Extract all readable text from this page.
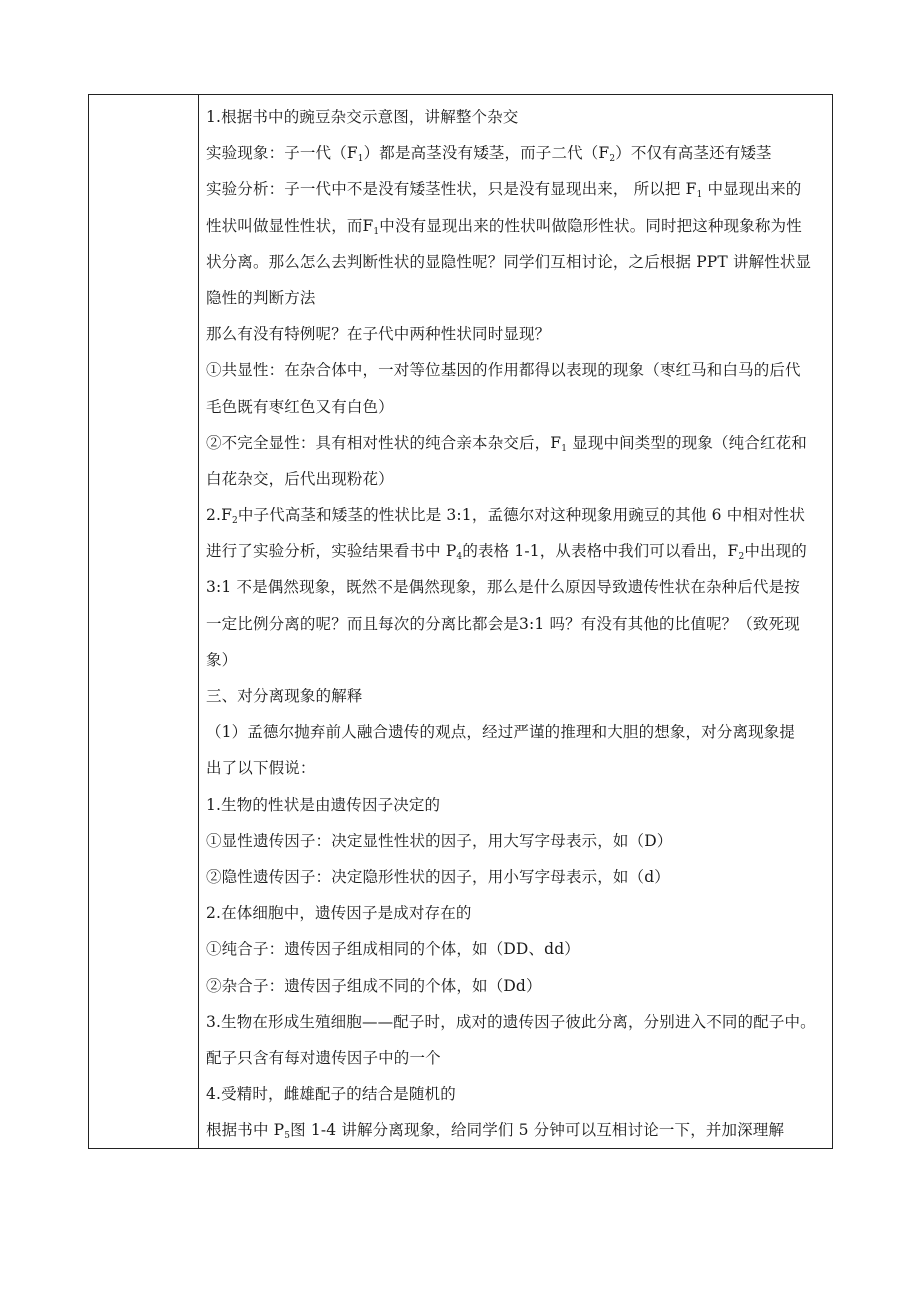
1.根据书中的豌豆杂交示意图，讲解整个杂交
实验现象：子一代$(F_1)$都是高茎没有矮茎，而子二代$(F_2)$不仅有高茎还有矮茎
实验分析：子一代中不是没有矮茎性状，只是没有显现出来， 所以把 $F_1$ 中显现出来的
性状叫做显性性状，而$F_1$中没有显现出来的性状叫做隐形性状。同时把这种现象称为性
状分离。那么怎么去判断性状的显隐性呢？同学们互相讨论，之后根据 PPT 讲解性状显
隐性的判断方法
那么有没有特例呢？在子代中两种性状同时显现？
①共显性：在杂合体中，一对等位基因的作用都得以表现的现象（枣红马和白马的后代
毛色既有枣红色又有白色）
②不完全显性：具有相对性状的纯合亲本杂交后，$F_1$ 显现中间类型的现象（纯合红花和
白花杂交，后代出现粉花）
$2.F_2$中子代高茎和矮茎的性状比是 3:1，孟德尔对这种现象用豌豆的其他 6 中相对性状
进行了实验分析，实验结果看书中 $P_4$的表格 1-1，从表格中我们可以看出，$F_2$中出现的
3:1 不是偶然现象，既然不是偶然现象，那么是什么原因导致遗传性状在杂种后代是按
一定比例分离的呢？而且每次的分离比都会是3:1 吗？有没有其他的比值呢？（致死现
象）
三、对分离现象的解释
（1）孟德尔抛弃前人融合遗传的观点，经过严谨的推理和大胆的想象，对分离现象提
出了以下假说：
1.生物的性状是由遗传因子决定的
①显性遗传因子：决定显性性状的因子，用大写字母表示，如（D）
②隐性遗传因子：决定隐形性状的因子，用小写字母表示，如（d）
2.在体细胞中，遗传因子是成对存在的
①纯合子：遗传因子组成相同的个体，如（DD、dd）
②杂合子：遗传因子组成不同的个体，如（Dd）
3.生物在形成生殖细胞——配子时，成对的遗传因子彼此分离，分别进入不同的配子中。
配子只含有每对遗传因子中的一个
4.受精时，雌雄配子的结合是随机的
根据书中 $P_5$图 1-4 讲解分离现象，给同学们 5 分钟可以互相讨论一下，并加深理解
